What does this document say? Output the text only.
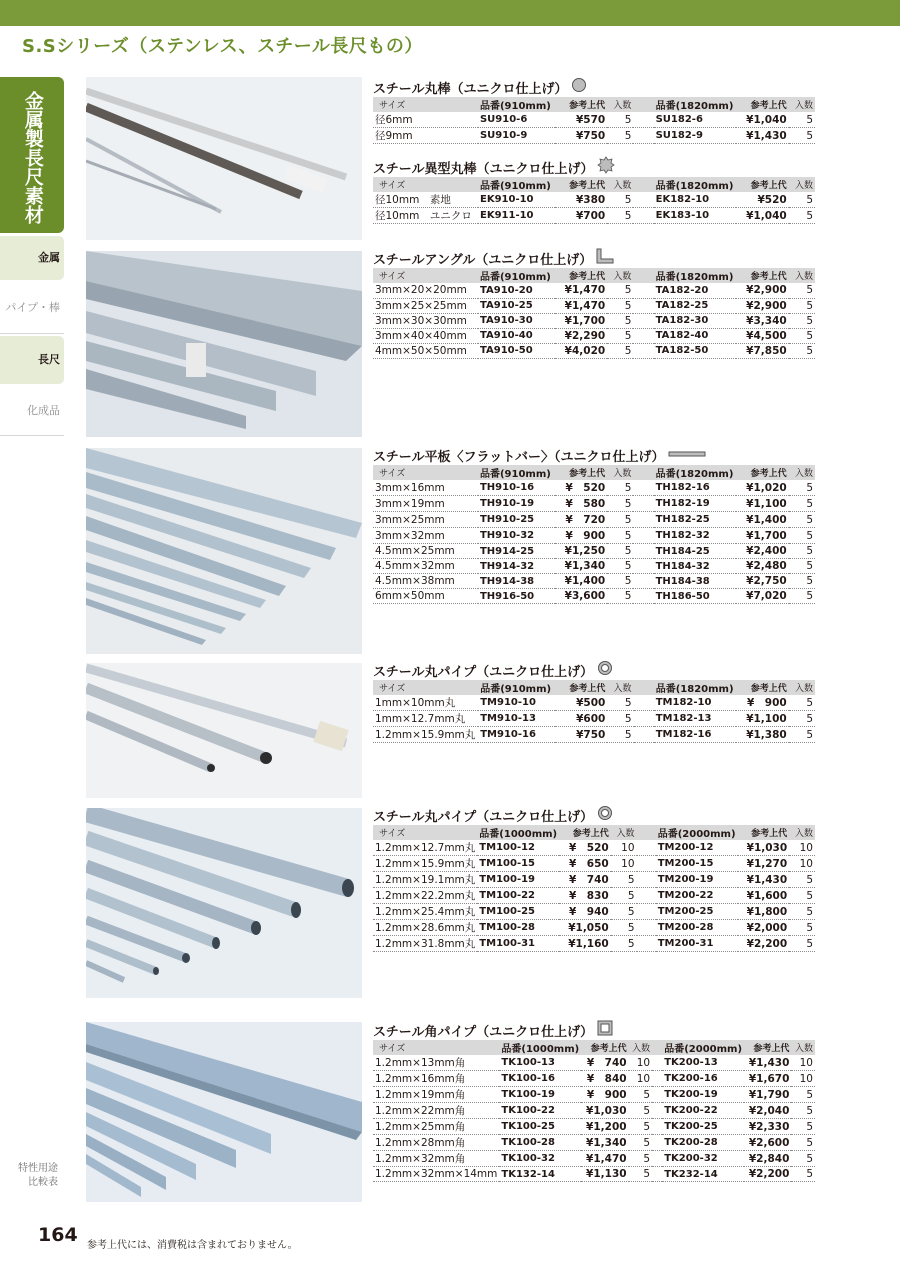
S.Sシリーズ（ステンレス、スチール長尺もの）
金属製長尺素材
金属
パイプ・棒
長尺
化成品
特性用途
比較表
スチール丸棒（ユニクロ仕上げ）
サイズ	品番(910mm)	参考上代	入数		品番(1820mm)	参考上代	入数
径6mm	SU910-6	¥570	5		SU182-6	¥1,040	5
径9mm	SU910-9	¥750	5		SU182-9	¥1,430	5
スチール異型丸棒（ユニクロ仕上げ）
サイズ	品番(910mm)	参考上代	入数		品番(1820mm)	参考上代	入数
径10mm　素地	EK910-10	¥380	5		EK182-10	¥520	5
径10mm　ユニクロ	EK911-10	¥700	5		EK183-10	¥1,040	5
スチールアングル（ユニクロ仕上げ）
サイズ	品番(910mm)	参考上代	入数		品番(1820mm)	参考上代	入数
3mm×20×20mm	TA910-20	¥1,470	5		TA182-20	¥2,900	5
3mm×25×25mm	TA910-25	¥1,470	5		TA182-25	¥2,900	5
3mm×30×30mm	TA910-30	¥1,700	5		TA182-30	¥3,340	5
3mm×40×40mm	TA910-40	¥2,290	5		TA182-40	¥4,500	5
4mm×50×50mm	TA910-50	¥4,020	5		TA182-50	¥7,850	5
スチール平板〈フラットバー〉（ユニクロ仕上げ）
サイズ	品番(910mm)	参考上代	入数		品番(1820mm)	参考上代	入数
3mm×16mm	TH910-16	¥　520	5		TH182-16	¥1,020	5
3mm×19mm	TH910-19	¥　580	5		TH182-19	¥1,100	5
3mm×25mm	TH910-25	¥　720	5		TH182-25	¥1,400	5
3mm×32mm	TH910-32	¥　900	5		TH182-32	¥1,700	5
4.5mm×25mm	TH914-25	¥1,250	5		TH184-25	¥2,400	5
4.5mm×32mm	TH914-32	¥1,340	5		TH184-32	¥2,480	5
4.5mm×38mm	TH914-38	¥1,400	5		TH184-38	¥2,750	5
6mm×50mm	TH916-50	¥3,600	5		TH186-50	¥7,020	5
スチール丸パイプ（ユニクロ仕上げ）
サイズ	品番(910mm)	参考上代	入数		品番(1820mm)	参考上代	入数
1mm×10mm丸	TM910-10	¥500	5		TM182-10	¥　900	5
1mm×12.7mm丸	TM910-13	¥600	5		TM182-13	¥1,100	5
1.2mm×15.9mm丸	TM910-16	¥750	5		TM182-16	¥1,380	5
スチール丸パイプ（ユニクロ仕上げ）
サイズ	品番(1000mm)	参考上代	入数		品番(2000mm)	参考上代	入数
1.2mm×12.7mm丸	TM100-12	¥　520	10		TM200-12	¥1,030	10
1.2mm×15.9mm丸	TM100-15	¥　650	10		TM200-15	¥1,270	10
1.2mm×19.1mm丸	TM100-19	¥　740	5		TM200-19	¥1,430	5
1.2mm×22.2mm丸	TM100-22	¥　830	5		TM200-22	¥1,600	5
1.2mm×25.4mm丸	TM100-25	¥　940	5		TM200-25	¥1,800	5
1.2mm×28.6mm丸	TM100-28	¥1,050	5		TM200-28	¥2,000	5
1.2mm×31.8mm丸	TM100-31	¥1,160	5		TM200-31	¥2,200	5
スチール角パイプ（ユニクロ仕上げ）
サイズ	品番(1000mm)	参考上代	入数		品番(2000mm)	参考上代	入数
1.2mm×13mm角	TK100-13	¥　740	10		TK200-13	¥1,430	10
1.2mm×16mm角	TK100-16	¥　840	10		TK200-16	¥1,670	10
1.2mm×19mm角	TK100-19	¥　900	5		TK200-19	¥1,790	5
1.2mm×22mm角	TK100-22	¥1,030	5		TK200-22	¥2,040	5
1.2mm×25mm角	TK100-25	¥1,200	5		TK200-25	¥2,330	5
1.2mm×28mm角	TK100-28	¥1,340	5		TK200-28	¥2,600	5
1.2mm×32mm角	TK100-32	¥1,470	5		TK200-32	¥2,840	5
1.2mm×32mm×14mm	TK132-14	¥1,130	5		TK232-14	¥2,200	5
164 参考上代には、消費税は含まれておりません。
